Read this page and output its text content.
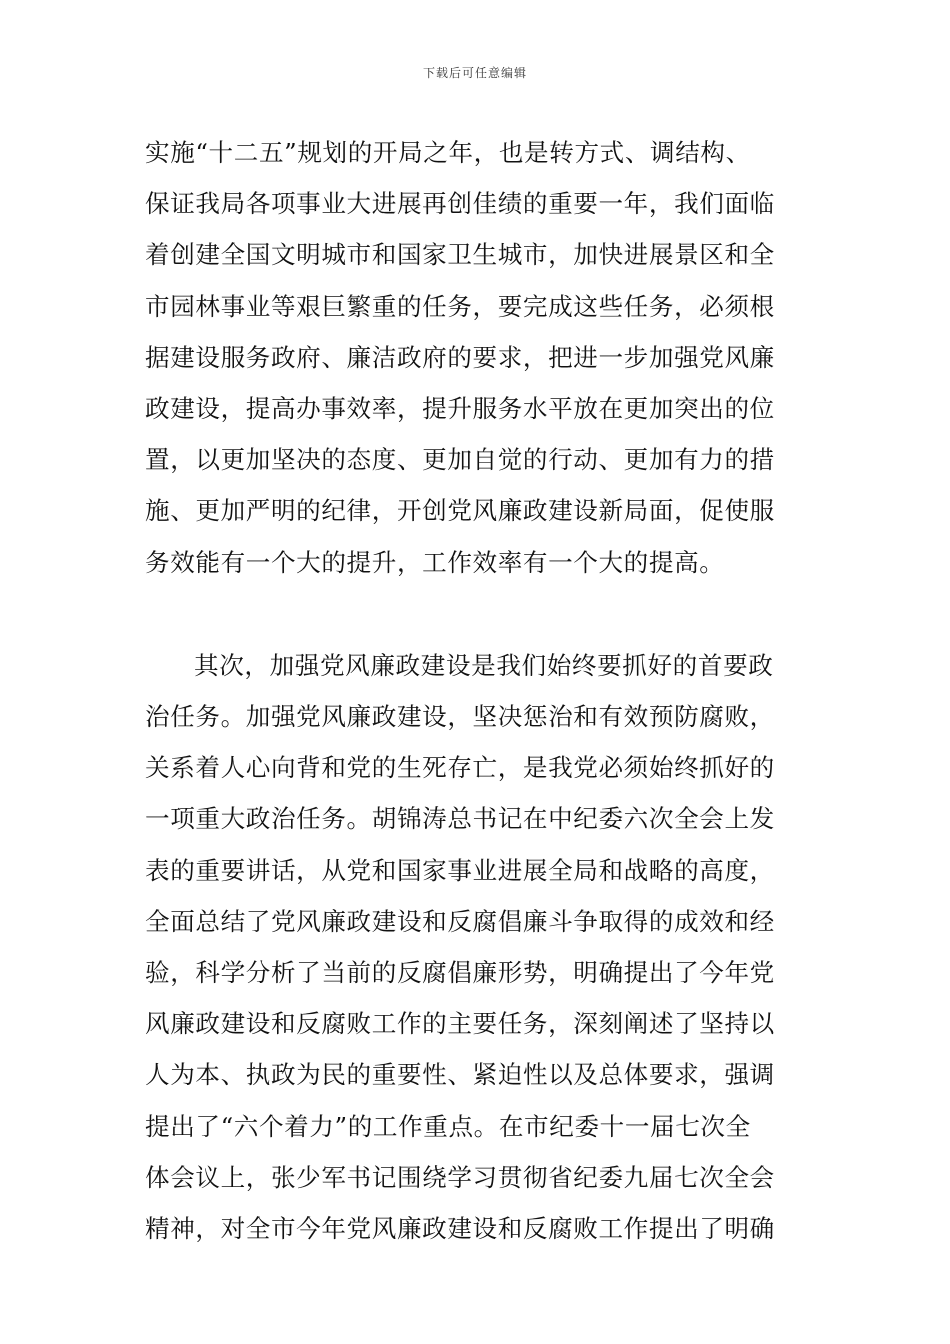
下载后可任意编辑

实施“十二五”规划的开局之年，也是转方式、调结构、
保证我局各项事业大进展再创佳绩的重要一年，我们面临
着创建全国文明城市和国家卫生城市，加快进展景区和全
市园林事业等艰巨繁重的任务，要完成这些任务，必须根
据建设服务政府、廉洁政府的要求，把进一步加强党风廉
政建设，提高办事效率，提升服务水平放在更加突出的位
置，以更加坚决的态度、更加自觉的行动、更加有力的措
施、更加严明的纪律，开创党风廉政建设新局面，促使服
务效能有一个大的提升，工作效率有一个大的提高。

其次，加强党风廉政建设是我们始终要抓好的首要政
治任务。加强党风廉政建设，坚决惩治和有效预防腐败，
关系着人心向背和党的生死存亡，是我党必须始终抓好的
一项重大政治任务。胡锦涛总书记在中纪委六次全会上发
表的重要讲话，从党和国家事业进展全局和战略的高度，
全面总结了党风廉政建设和反腐倡廉斗争取得的成效和经
验，科学分析了当前的反腐倡廉形势，明确提出了今年党
风廉政建设和反腐败工作的主要任务，深刻阐述了坚持以
人为本、执政为民的重要性、紧迫性以及总体要求，强调
提出了“六个着力”的工作重点。在市纪委十一届七次全
体会议上，张少军书记围绕学习贯彻省纪委九届七次全会
精神，对全市今年党风廉政建设和反腐败工作提出了明确
